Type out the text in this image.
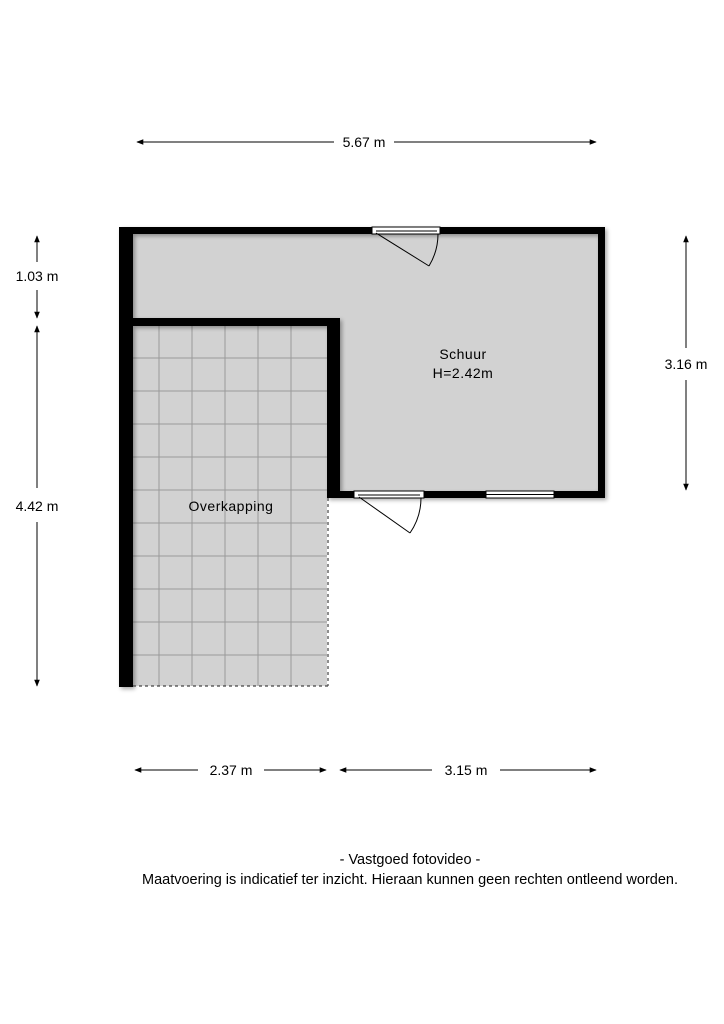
5.67 m
1.03 m
4.42 m
3.16 m
2.37 m	3.15 m
Schuur
H=2.42m
Overkapping
- Vastgoed fotovideo -
Maatvoering is indicatief ter inzicht. Hieraan kunnen geen rechten ontleend worden.
